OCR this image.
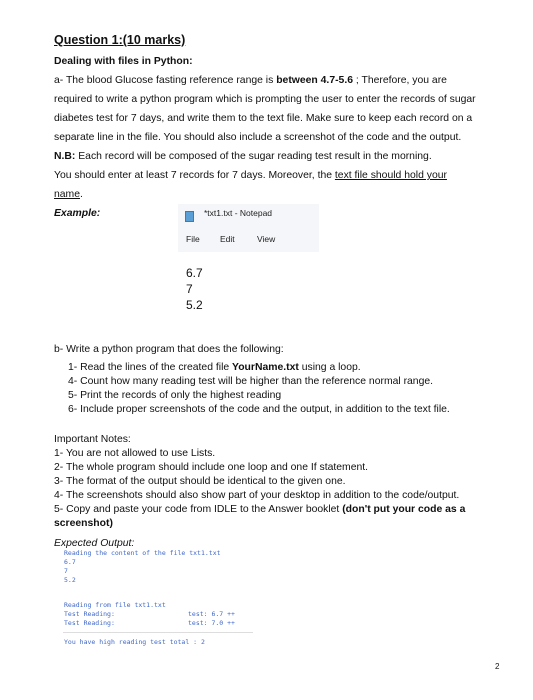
Question 1:(10 marks)
Dealing with files in Python:
a- The blood Glucose fasting reference range is between 4.7-5.6 ; Therefore, you are
required to write a python program which is prompting the user to enter the records of sugar
diabetes test for 7 days, and write them to the text file. Make sure to keep each record on a
separate line in the file. You should also include a screenshot of the code and the output.
N.B: Each record will be composed of the sugar reading test result in the morning.
You should enter at least 7 records for 7 days. Moreover, the text file should hold your
name.
Example:	*txt1.txt - Notepad
File Edit	View
6.7
7
5.2
b- Write a python program that does the following:
1- Read the lines of the created file YourName.txt using a loop.
4- Count how many reading test will be higher than the reference normal range.
5- Print the records of only the highest reading
6- Include proper screenshots of the code and the output, in addition to the text file.
Important Notes:
1- You are not allowed to use Lists.
2- The whole program should include one loop and one If statement.
3- The format of the output should be identical to the given one.
4- The screenshots should also show part of your desktop in addition to the code/output.
5- Copy and paste your code from IDLE to the Answer booklet (don't put your code as a
screenshot)
Expected Output:
Reading the content of the file txt1.txt
6.7
7
5.2
Reading from file txt1.txt
Test Reading:	test: 6.7 ++
Test Reading:	test: 7.0 ++
You have high reading test total : 2
2
